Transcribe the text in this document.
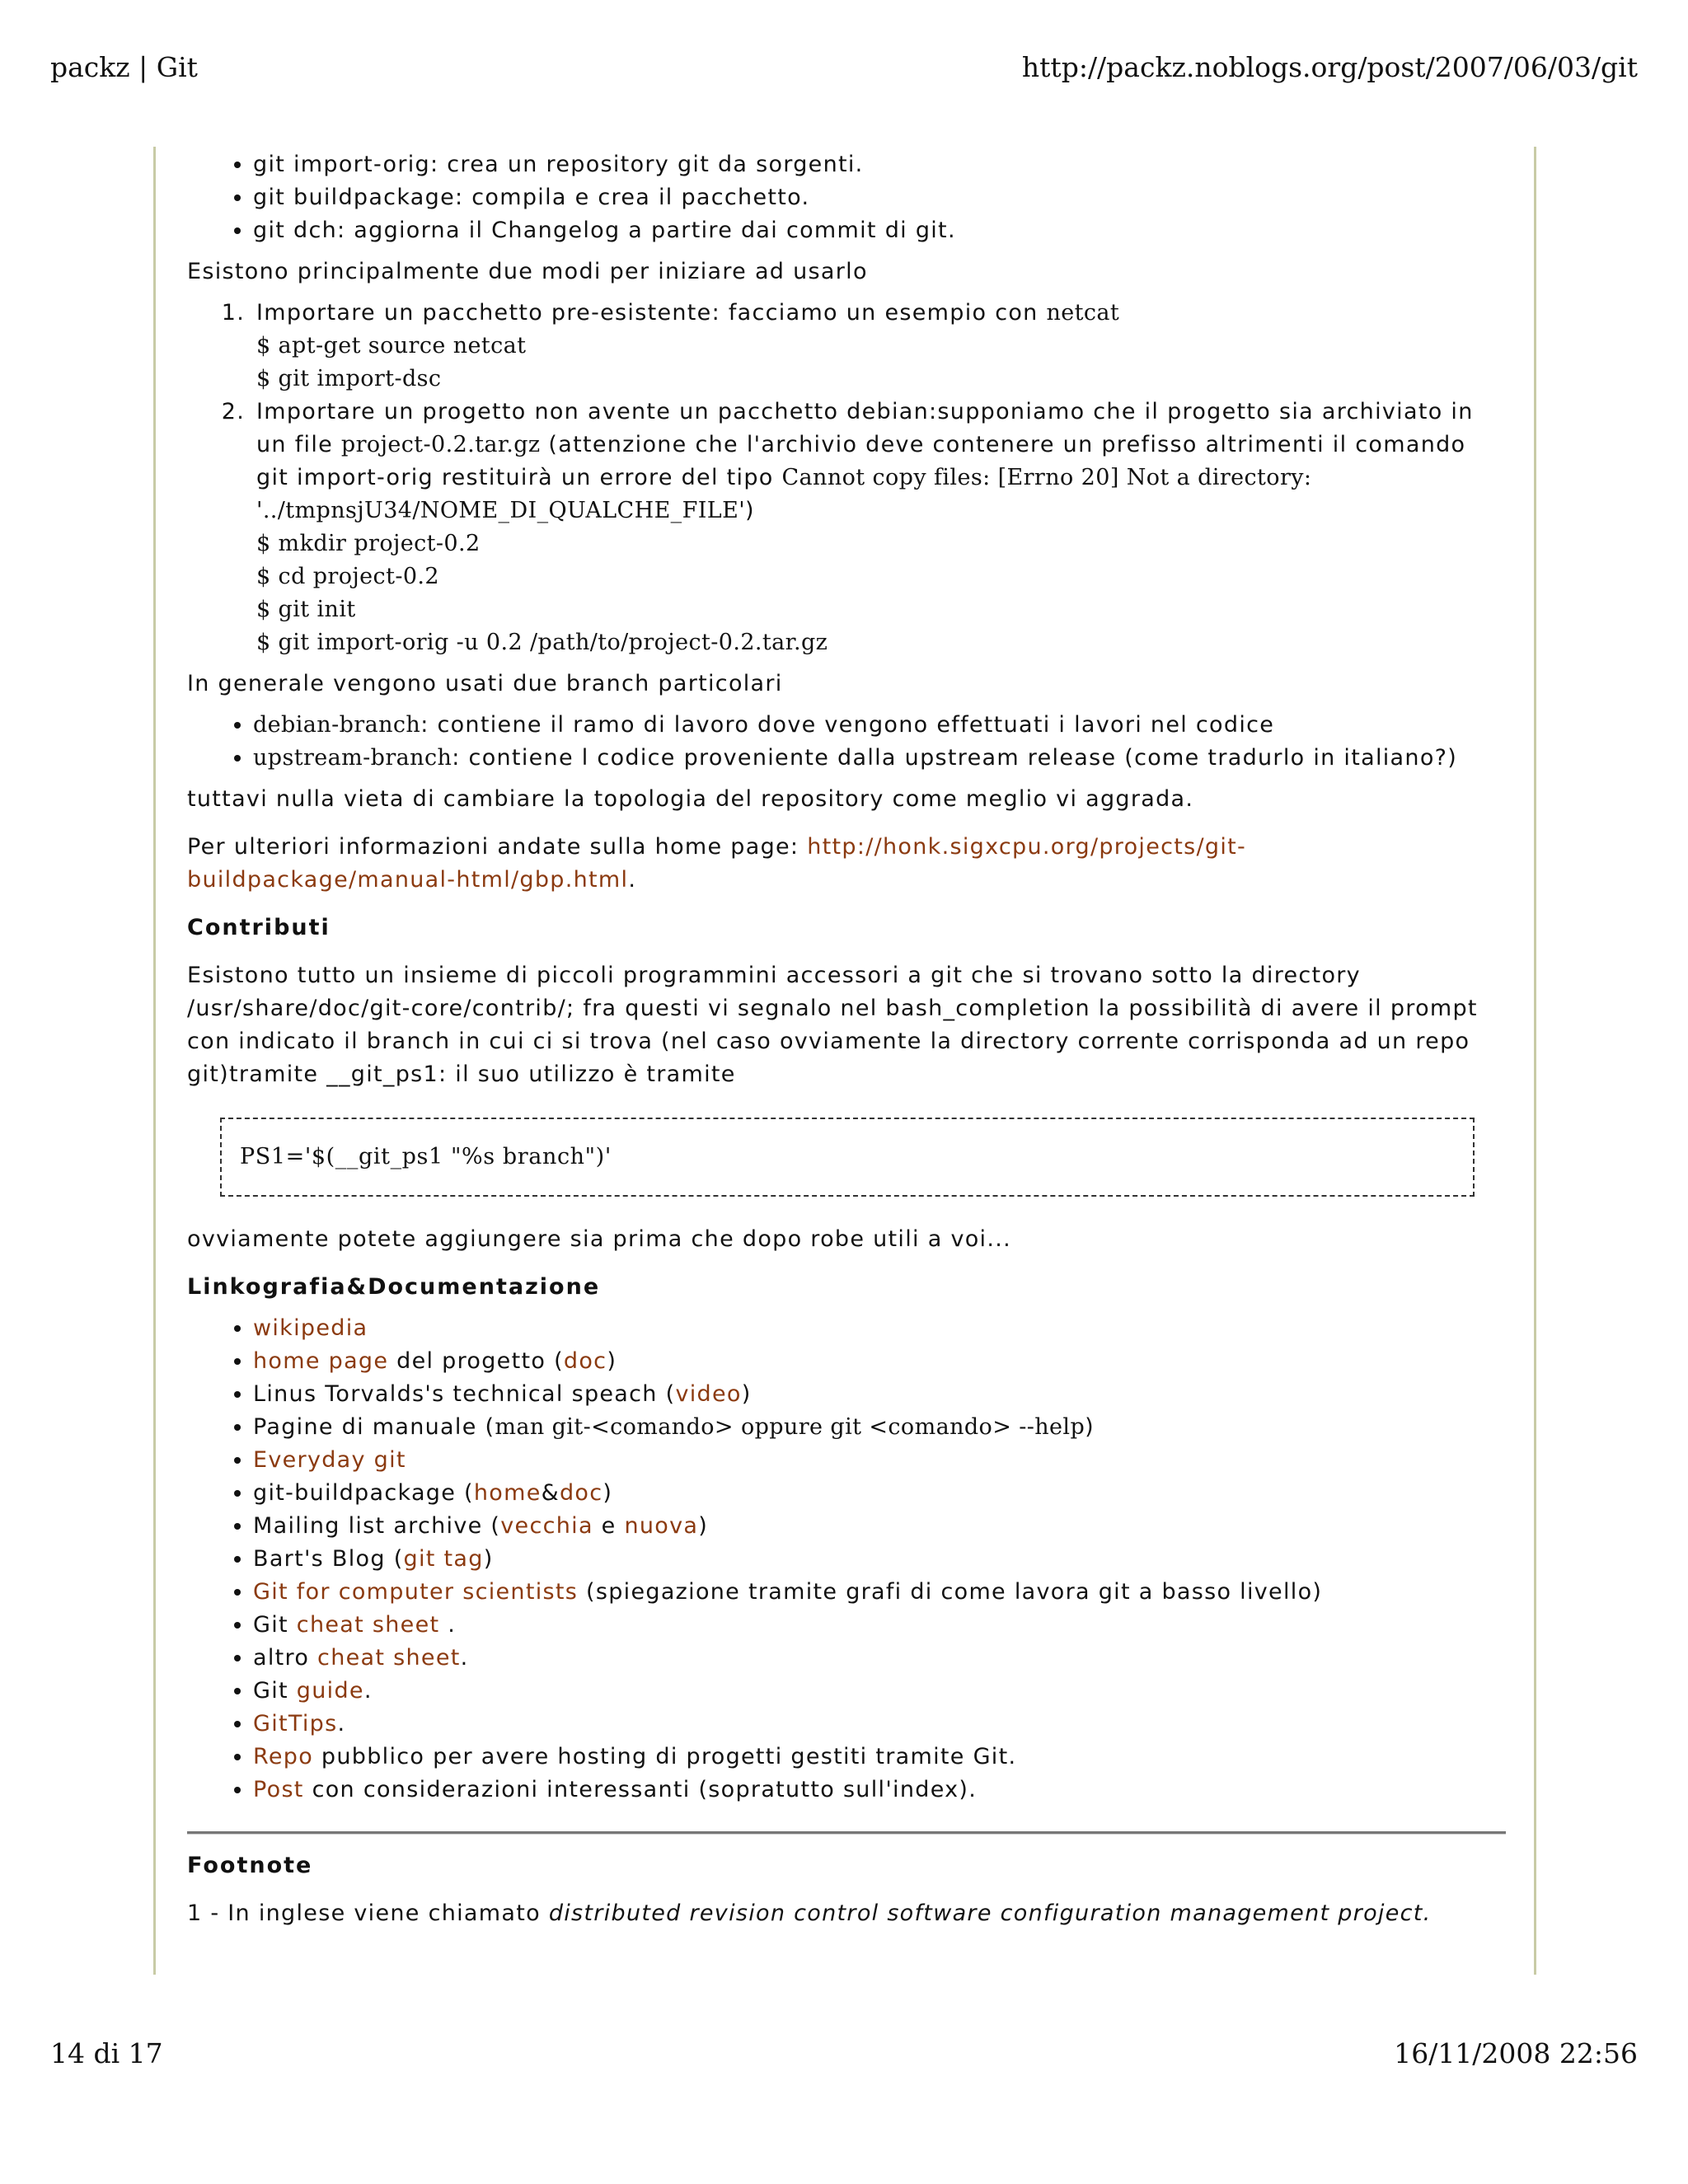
packz | Git	http://packz.noblogs.org/post/2007/06/03/git
• git import-orig: crea un repository git da sorgenti.
• git buildpackage: compila e crea il pacchetto.
• git dch: aggiorna il Changelog a partire dai commit di git.

Esistono principalmente due modi per iniziare ad usarlo

1. Importare un pacchetto pre-esistente: facciamo un esempio con netcat
$ apt-get source netcat
$ git import-dsc
2. Importare un progetto non avente un pacchetto debian:supponiamo che il progetto sia archiviato in un file project-0.2.tar.gz (attenzione che l'archivio deve contenere un prefisso altrimenti il comando git import-orig restituirà un errore del tipo Cannot copy files: [Errno 20] Not a directory: '../tmpnsjU34/NOME_DI_QUALCHE_FILE')
$ mkdir project-0.2
$ cd project-0.2
$ git init
$ git import-orig -u 0.2 /path/to/project-0.2.tar.gz

In generale vengono usati due branch particolari

• debian-branch: contiene il ramo di lavoro dove vengono effettuati i lavori nel codice
• upstream-branch: contiene l codice proveniente dalla upstream release (come tradurlo in italiano?)

tuttavi nulla vieta di cambiare la topologia del repository come meglio vi aggrada.

Per ulteriori informazioni andate sulla home page: http://honk.sigxcpu.org/projects/git-buildpackage/manual-html/gbp.html.

Contributi

Esistono tutto un insieme di piccoli programmini accessori a git che si trovano sotto la directory /usr/share/doc/git-core/contrib/; fra questi vi segnalo nel bash_completion la possibilità di avere il prompt con indicato il branch in cui ci si trova (nel caso ovviamente la directory corrente corrisponda ad un repo git)tramite __git_ps1: il suo utilizzo è tramite

PS1='$(__git_ps1 "%s branch")'

ovviamente potete aggiungere sia prima che dopo robe utili a voi...

Linkografia&Documentazione
• wikipedia
• home page del progetto (doc)
• Linus Torvalds's technical speach (video)
• Pagine di manuale (man git-<comando> oppure git <comando> --help)
• Everyday git
• git-buildpackage (home&doc)
• Mailing list archive (vecchia e nuova)
• Bart's Blog (git tag)
• Git for computer scientists (spiegazione tramite grafi di come lavora git a basso livello)
• Git cheat sheet .
• altro cheat sheet.
• Git guide.
• GitTips.
• Repo pubblico per avere hosting di progetti gestiti tramite Git.
• Post con considerazioni interessanti (sopratutto sull'index).
Footnote

1 - In inglese viene chiamato distributed revision control software configuration management project.

14 di 17	16/11/2008 22:56
